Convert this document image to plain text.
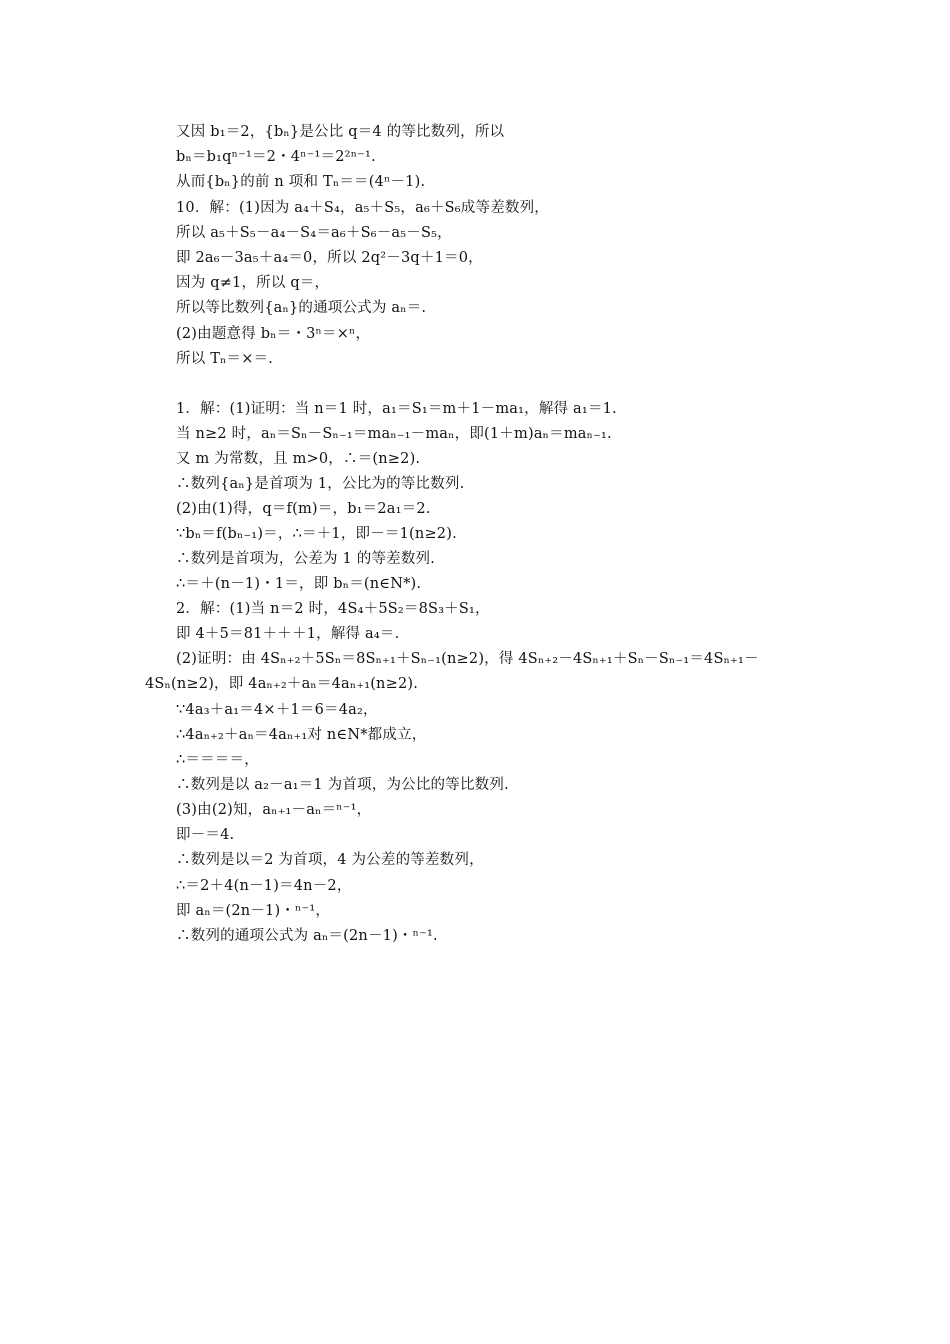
又因 b₁＝2，{bₙ}是公比 q＝4 的等比数列，所以
bₙ＝b₁qⁿ⁻¹＝2・4ⁿ⁻¹＝2²ⁿ⁻¹.
从而{bₙ}的前 n 项和 Tₙ＝＝(4ⁿ－1).
10．解：(1)因为 a₄＋S₄，a₅＋S₅，a₆＋S₆成等差数列，
所以 a₅＋S₅－a₄－S₄＝a₆＋S₆－a₅－S₅，
即 2a₆－3a₅＋a₄＝0，所以 2q²－3q＋1＝0，
因为 q≠1，所以 q＝，
所以等比数列{aₙ}的通项公式为 aₙ＝.
(2)由题意得 bₙ＝・3ⁿ＝×ⁿ，
所以 Tₙ＝×＝.
1．解：(1)证明：当 n＝1 时，a₁＝S₁＝m＋1－ma₁，解得 a₁＝1.
当 n≥2 时，aₙ＝Sₙ－Sₙ₋₁＝maₙ₋₁－maₙ，即(1＋m)aₙ＝maₙ₋₁.
又 m 为常数，且 m>0，∴＝(n≥2).
∴数列{aₙ}是首项为 1，公比为的等比数列.
(2)由(1)得，q＝f(m)＝，b₁＝2a₁＝2.
∵bₙ＝f(bₙ₋₁)＝，∴＝＋1，即－＝1(n≥2).
∴数列是首项为，公差为 1 的等差数列.
∴＝＋(n－1)・1＝，即 bₙ＝(n∈N*).
2．解：(1)当 n＝2 时，4S₄＋5S₂＝8S₃＋S₁，
即 4＋5＝81＋＋＋1，解得 a₄＝.
(2)证明：由 4Sₙ₊₂＋5Sₙ＝8Sₙ₊₁＋Sₙ₋₁(n≥2)，得 4Sₙ₊₂－4Sₙ₊₁＋Sₙ－Sₙ₋₁＝4Sₙ₊₁－
4Sₙ(n≥2)，即 4aₙ₊₂＋aₙ＝4aₙ₊₁(n≥2).
∵4a₃＋a₁＝4×＋1＝6＝4a₂，
∴4aₙ₊₂＋aₙ＝4aₙ₊₁对 n∈N*都成立，
∴＝＝＝＝，
∴数列是以 a₂－a₁＝1 为首项，为公比的等比数列.
(3)由(2)知，aₙ₊₁－aₙ＝ⁿ⁻¹，
即－＝4.
∴数列是以＝2 为首项，4 为公差的等差数列，
∴＝2＋4(n－1)＝4n－2，
即 aₙ＝(2n－1)・ⁿ⁻¹，
∴数列的通项公式为 aₙ＝(2n－1)・ⁿ⁻¹.
